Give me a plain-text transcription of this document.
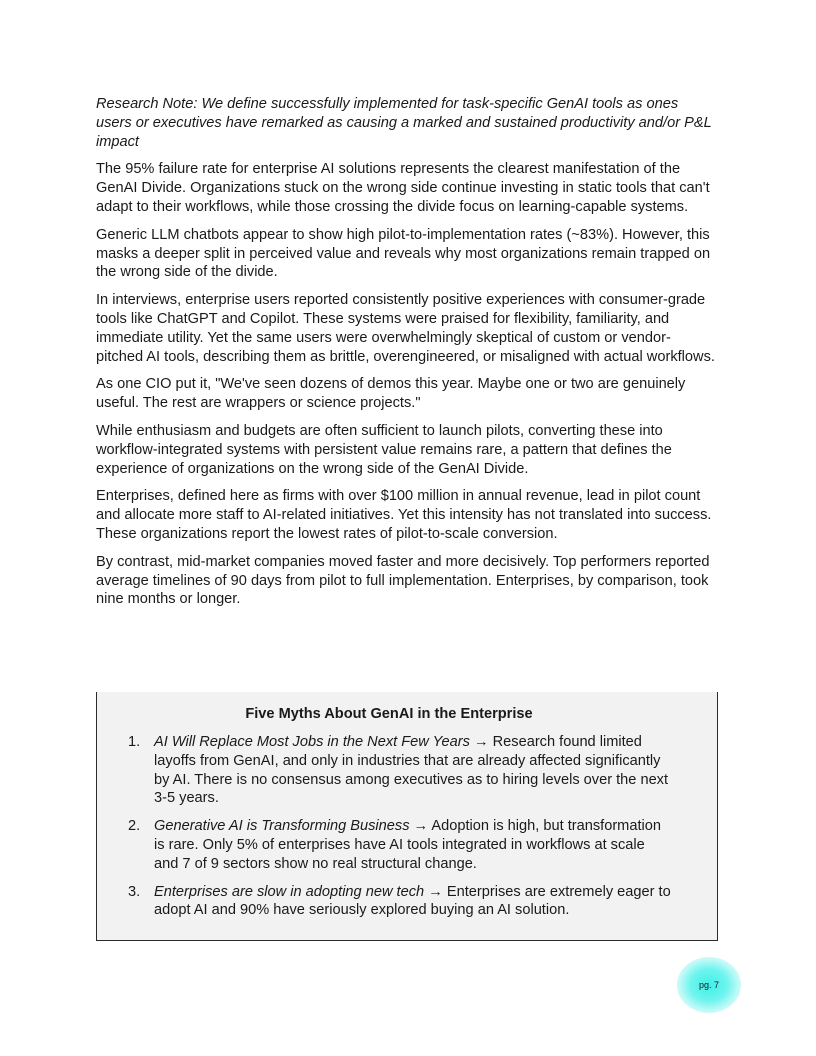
Research Note: We define successfully implemented for task-specific GenAI tools as ones users or executives have remarked as causing a marked and sustained productivity and/or P&L impact

The 95% failure rate for enterprise AI solutions represents the clearest manifestation of the GenAI Divide. Organizations stuck on the wrong side continue investing in static tools that can't adapt to their workflows, while those crossing the divide focus on learning-capable systems.

Generic LLM chatbots appear to show high pilot-to-implementation rates (~83%). However, this masks a deeper split in perceived value and reveals why most organizations remain trapped on the wrong side of the divide.

In interviews, enterprise users reported consistently positive experiences with consumer-grade tools like ChatGPT and Copilot. These systems were praised for flexibility, familiarity, and immediate utility. Yet the same users were overwhelmingly skeptical of custom or vendor-pitched AI tools, describing them as brittle, overengineered, or misaligned with actual workflows.

As one CIO put it, "We've seen dozens of demos this year. Maybe one or two are genuinely useful. The rest are wrappers or science projects."

While enthusiasm and budgets are often sufficient to launch pilots, converting these into workflow-integrated systems with persistent value remains rare, a pattern that defines the experience of organizations on the wrong side of the GenAI Divide.

Enterprises, defined here as firms with over $100 million in annual revenue, lead in pilot count and allocate more staff to AI-related initiatives. Yet this intensity has not translated into success. These organizations report the lowest rates of pilot-to-scale conversion.

By contrast, mid-market companies moved faster and more decisively. Top performers reported average timelines of 90 days from pilot to full implementation. Enterprises, by comparison, took nine months or longer.

Five Myths About GenAI in the Enterprise
1. AI Will Replace Most Jobs in the Next Few Years → Research found limited layoffs from GenAI, and only in industries that are already affected significantly by AI. There is no consensus among executives as to hiring levels over the next 3-5 years.
2. Generative AI is Transforming Business → Adoption is high, but transformation is rare. Only 5% of enterprises have AI tools integrated in workflows at scale and 7 of 9 sectors show no real structural change.
3. Enterprises are slow in adopting new tech → Enterprises are extremely eager to adopt AI and 90% have seriously explored buying an AI solution.
pg. 7
